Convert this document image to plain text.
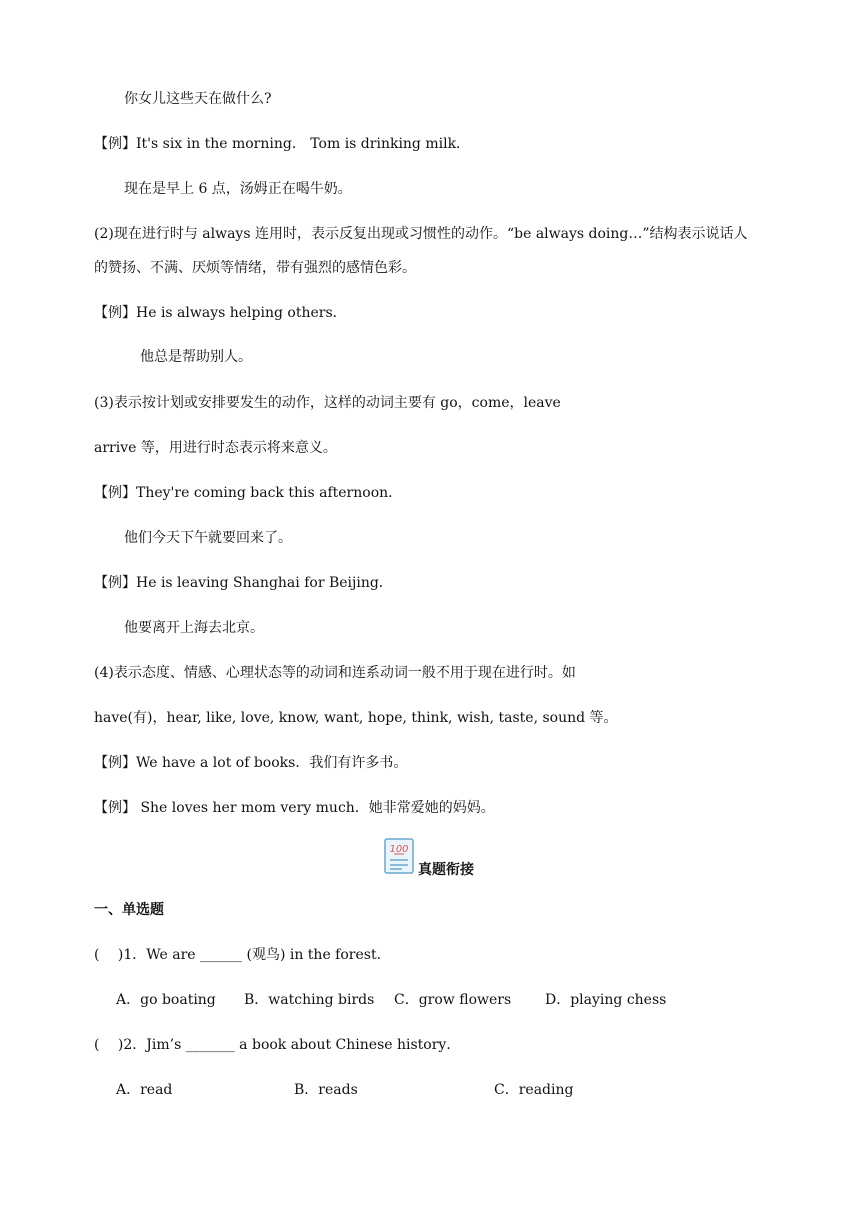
你女儿这些天在做什么?
【例】It's six in the morning． Tom is drinking milk．
现在是早上 6 点，汤姆正在喝牛奶。
(2)现在进行时与 always 连用时，表示反复出现或习惯性的动作。“be always doing…”结构表示说话人
的赞扬、不满、厌烦等情绪，带有强烈的感情色彩。
【例】He is always helping others．
他总是帮助别人。
(3)表示按计划或安排要发生的动作，这样的动词主要有 go，come，leave
arrive 等，用进行时态表示将来意义。
【例】They're coming back this afternoon．
他们今天下午就要回来了。
【例】He is leaving Shanghai for Beijing．
他要离开上海去北京。
(4)表示态度、情感、心理状态等的动词和连系动词一般不用于现在进行时。如
have(有)，hear, like, love, know, want, hope, think, wish, taste, sound 等。
【例】We have a lot of books．我们有许多书。
【例】 She loves her mom very much．她非常爱她的妈妈。
100
真题衔接
一、单选题
(　 )1．We are ______ (观鸟) in the forest．
A．go boating B．watching birds C．grow flowers D．playing chess
(　 )2．Jim’s _______ a book about Chinese history．
A．read	B．reads	C．reading
